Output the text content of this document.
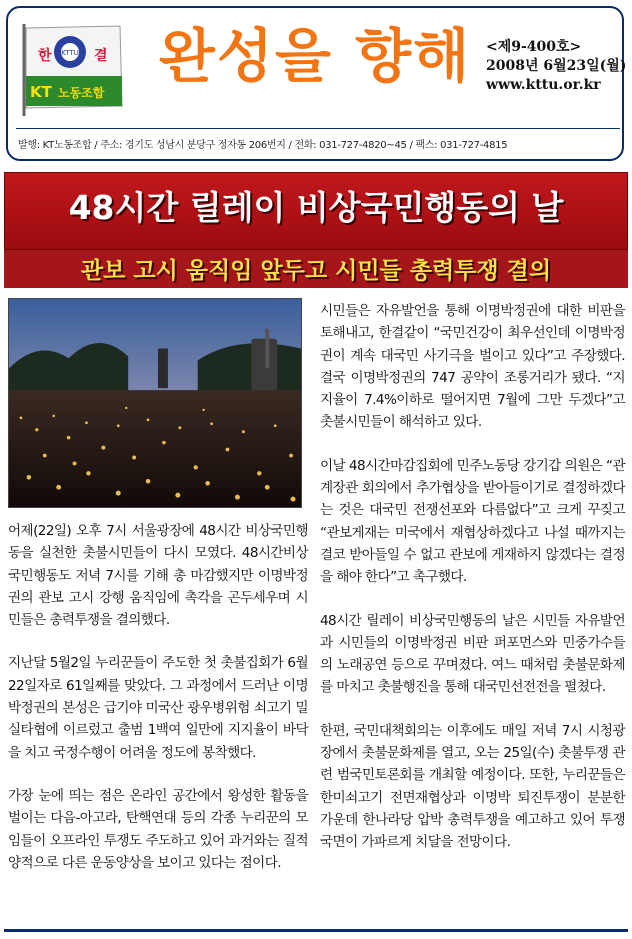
KTTU
한	결
KT 노동조합
완성을 향해	<제9-400호>
2008년 6월23일(월)
www.kttu.or.kr
발행: KT노동조합 / 주소: 경기도 성남시 분당구 정자동 206번지 / 전화: 031-727-4820~45 / 팩스: 031-727-4815
48시간 릴레이 비상국민행동의 날
관보 고시 움직임 앞두고 시민들 총력투쟁 결의

어제(22일) 오후 7시 서울광장에 48시간 비상국민행동을 실천한 촛불시민들이 다시 모였다. 48시간비상국민행동도 저녁 7시를 기해 총 마감했지만 이명박정권의 관보 고시 강행 움직임에 촉각을 곤두세우며 시민들은 총력투쟁을 결의했다.

지난달 5월2일 누리꾼들이 주도한 첫 촛불집회가 6월 22일자로 61일째를 맞았다. 그 과정에서 드러난 이명박정권의 본성은 급기야 미국산 광우병위험 쇠고기 밀실타협에 이르렀고 출범 1백여 일만에 지지율이 바닥을 치고 국정수행이 어려울 정도에 봉착했다.

가장 눈에 띄는 점은 온라인 공간에서 왕성한 활동을 벌이는 다음-아고라, 탄핵연대 등의 각종 누리꾼의 모임들이 오프라인 투쟁도 주도하고 있어 과거와는 질적 양적으로 다른 운동양상을 보이고 있다는 점이다.

시민들은 자유발언을 통해 이명박정권에 대한 비판을 토해내고, 한결같이 “국민건강이 최우선인데 이명박정권이 계속 대국민 사기극을 벌이고 있다”고 주장했다. 결국 이명박정권의 747 공약이 조롱거리가 됐다. “지지율이 7.4%이하로 떨어지면 7월에 그만 두겠다”고 촛불시민들이 해석하고 있다.

이날 48시간마감집회에 민주노동당 강기갑 의원은 “관계장관 회의에서 추가협상을 받아들이기로 결정하겠다는 것은 대국민 전쟁선포와 다름없다”고 크게 꾸짖고 “관보게재는 미국에서 재협상하겠다고 나설 때까지는 결코 받아들일 수 없고 관보에 게재하지 않겠다는 결정을 해야 한다”고 촉구했다.

48시간 릴레이 비상국민행동의 날은 시민들 자유발언과 시민들의 이명박정권 비판 퍼포먼스와 민중가수들의 노래공연 등으로 꾸며졌다. 여느 때처럼 촛불문화제를 마치고 촛불행진을 통해 대국민선전전을 펼쳤다.

한편, 국민대책회의는 이후에도 매일 저녁 7시 시청광장에서 촛불문화제를 열고, 오는 25일(수) 촛불투쟁 관련 범국민토론회를 개최할 예정이다. 또한, 누리꾼들은 한미쇠고기 전면재협상과 이명박 퇴진투쟁이 분분한 가운데 한나라당 압박 총력투쟁을 예고하고 있어 투쟁 국면이 가파르게 치달을 전망이다.
